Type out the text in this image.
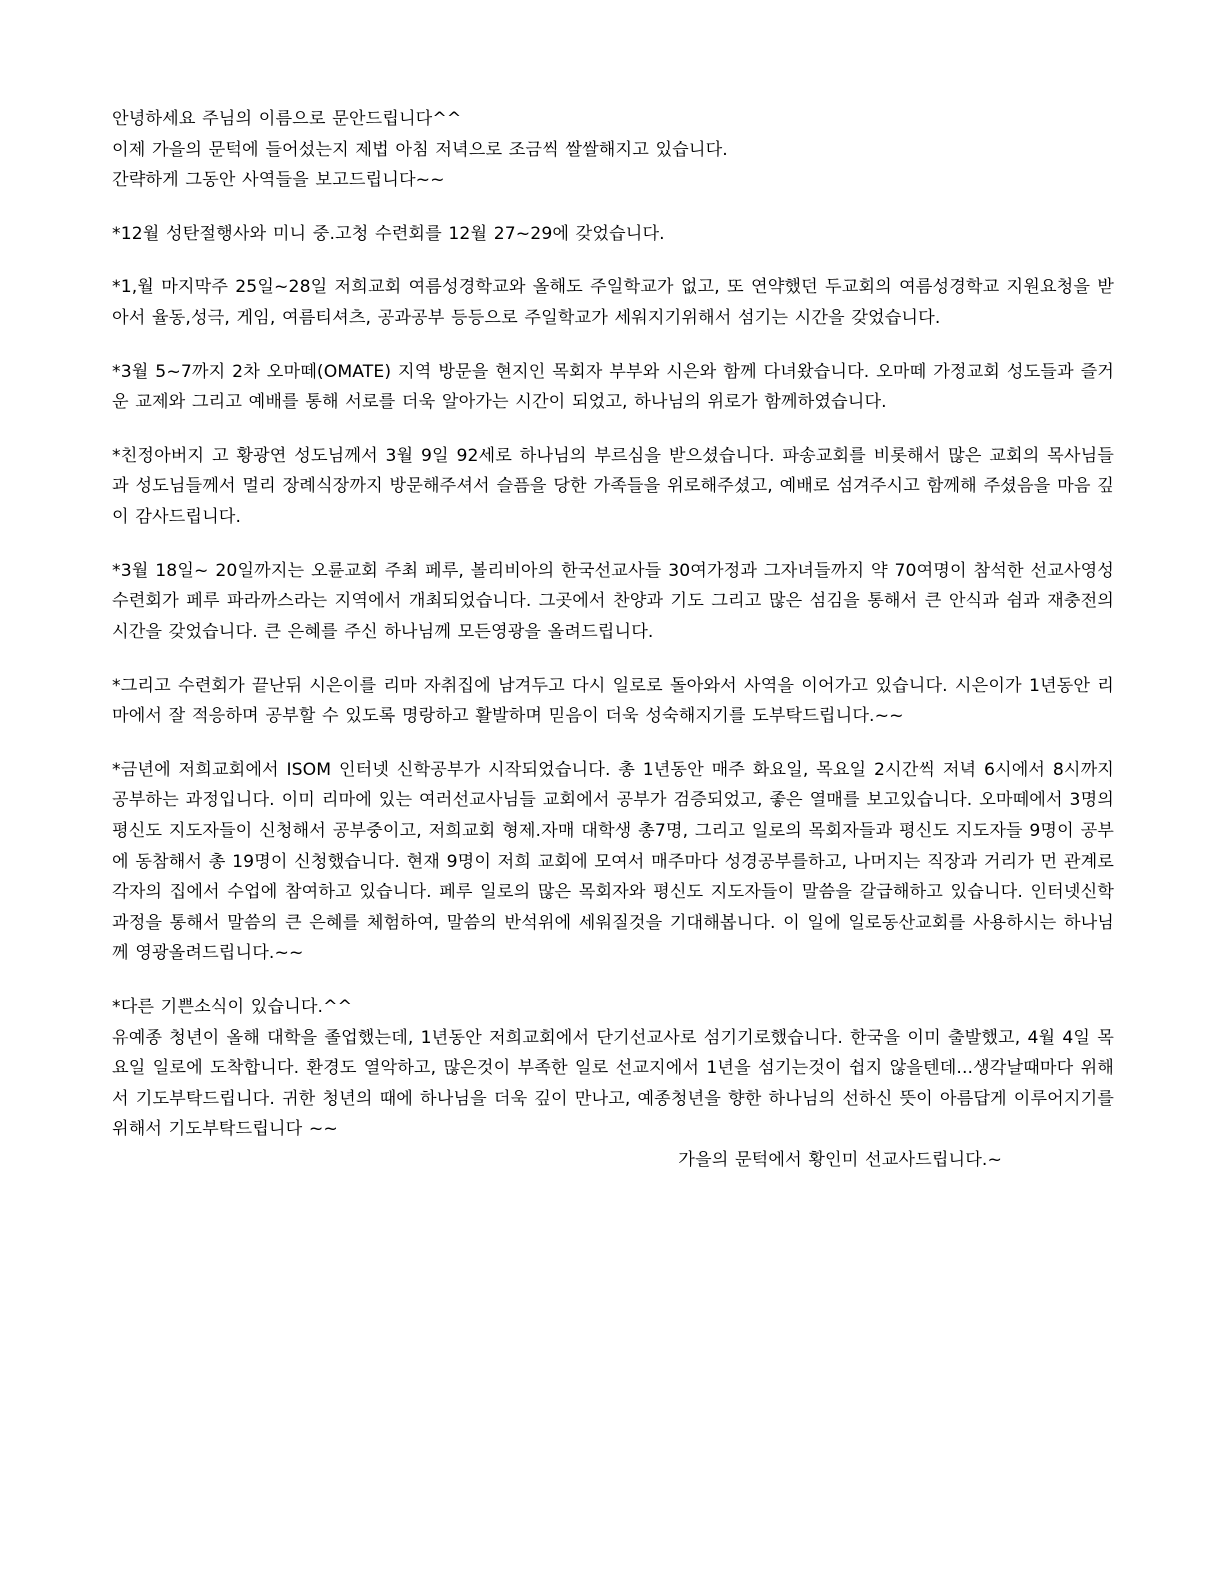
안녕하세요 주님의 이름으로 문안드립니다^^

이제 가을의 문턱에 들어섰는지 제법 아침 저녁으로 조금씩 쌀쌀해지고 있습니다.

간략하게 그동안 사역들을 보고드립니다~~

*12월 성탄절행사와 미니 중.고청 수련회를 12월 27~29에 갖었습니다.

*1,월 마지막주 25일~28일 저희교회 여름성경학교와 올해도 주일학교가 없고, 또 연약했던 두교회의 여름성경학교 지원요청을 받아서 율동,성극, 게임, 여름티셔츠, 공과공부 등등으로 주일학교가 세워지기위해서 섬기는 시간을 갖었습니다.

*3월 5~7까지 2차 오마떼(OMATE) 지역 방문을 현지인 목회자 부부와 시은와 함께 다녀왔습니다. 오마떼 가정교회 성도들과 즐거운 교제와 그리고 예배를 통해 서로를 더욱 알아가는 시간이 되었고, 하나님의 위로가 함께하였습니다.

*친정아버지 고 황광연 성도님께서 3월 9일 92세로 하나님의 부르심을 받으셨습니다. 파송교회를 비롯해서 많은 교회의 목사님들과 성도님들께서 멀리 장례식장까지 방문해주셔서 슬픔을 당한 가족들을 위로해주셨고, 예배로 섬겨주시고 함께해 주셨음을 마음 깊이 감사드립니다.

*3월 18일~ 20일까지는 오륜교회 주최 페루, 볼리비아의 한국선교사들 30여가정과 그자녀들까지 약 70여명이 참석한 선교사영성수련회가 페루 파라까스라는 지역에서 개최되었습니다. 그곳에서 찬양과 기도 그리고 많은 섬김을 통해서 큰 안식과 쉼과 재충전의 시간을 갖었습니다. 큰 은혜를 주신 하나님께 모든영광을 올려드립니다.

*그리고 수련회가 끝난뒤 시은이를 리마 자취집에 남겨두고 다시 일로로 돌아와서 사역을 이어가고 있습니다. 시은이가 1년동안 리마에서 잘 적응하며 공부할 수 있도록 명랑하고 활발하며 믿음이 더욱 성숙해지기를 도부탁드립니다.~~

*금년에 저희교회에서 ISOM 인터넷 신학공부가 시작되었습니다. 총 1년동안 매주 화요일, 목요일 2시간씩 저녁 6시에서 8시까지 공부하는 과정입니다. 이미 리마에 있는 여러선교사님들 교회에서 공부가 검증되었고, 좋은 열매를 보고있습니다. 오마떼에서 3명의 평신도 지도자들이 신청해서 공부중이고, 저희교회 형제.자매 대학생 총7명, 그리고 일로의 목회자들과 평신도 지도자들 9명이 공부에 동참해서 총 19명이 신청했습니다. 현재 9명이 저희 교회에 모여서 매주마다 성경공부를하고, 나머지는 직장과 거리가 먼 관계로 각자의 집에서 수업에 참여하고 있습니다. 페루 일로의 많은 목회자와 평신도 지도자들이 말씀을 갈급해하고 있습니다. 인터넷신학과정을 통해서 말씀의 큰 은혜를 체험하여, 말씀의 반석위에 세워질것을 기대해봅니다. 이 일에 일로동산교회를 사용하시는 하나님께 영광올려드립니다.~~

*다른 기쁜소식이 있습니다.^^

유예종 청년이 올해 대학을 졸업했는데, 1년동안 저희교회에서 단기선교사로 섬기기로했습니다. 한국을 이미 출발했고, 4월 4일 목요일 일로에 도착합니다. 환경도 열악하고, 많은것이 부족한 일로 선교지에서 1년을 섬기는것이 쉽지 않을텐데...생각날때마다 위해서 기도부탁드립니다. 귀한 청년의 때에 하나님을 더욱 깊이 만나고, 예종청년을 향한 하나님의 선하신 뜻이 아름답게 이루어지기를 위해서 기도부탁드립니다 ~~

가을의 문턱에서 황인미 선교사드립니다.~
